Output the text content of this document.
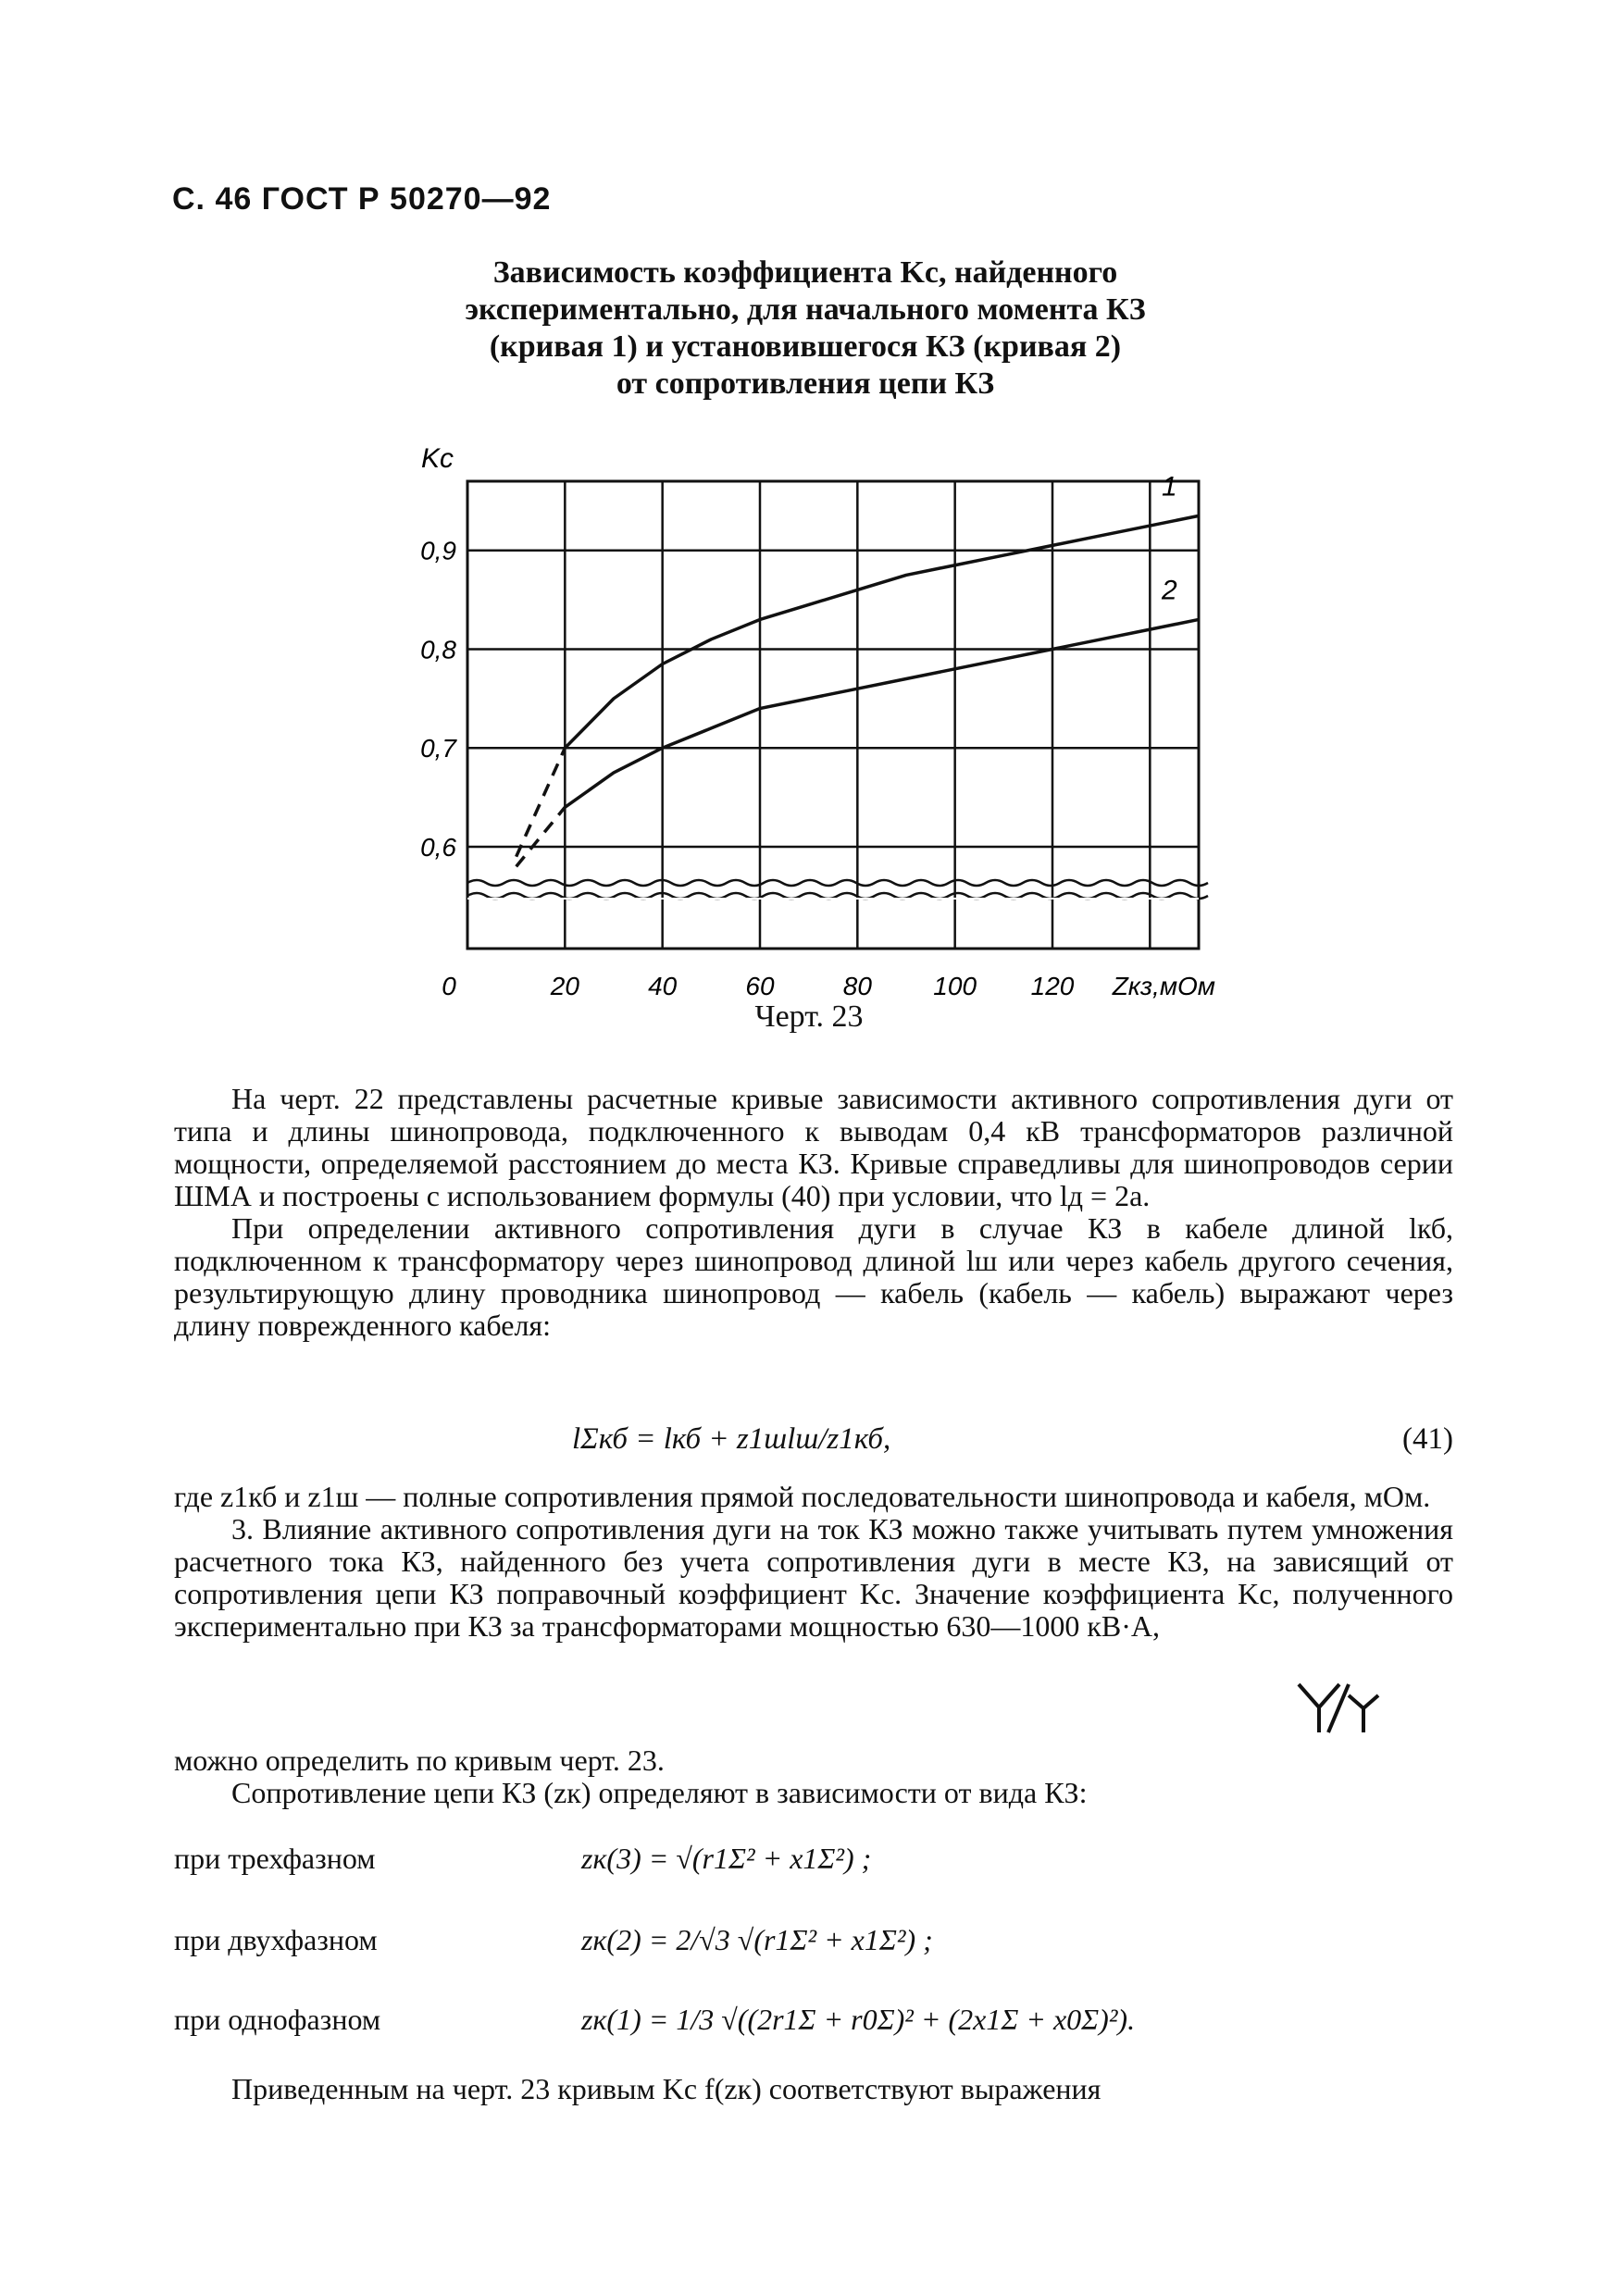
С. 46 ГОСТ Р 50270—92
Зависимость коэффициента Kс, найденного
экспериментально, для начального момента КЗ
(кривая 1) и установившегося КЗ (кривая 2)
от сопротивления цепи КЗ
1
2
0,6
0,7
0,8
0,9
0	20	40	60	80 100 120
Kс
Zкз,мОм
Черт. 23

На черт. 22 представлены расчетные кривые зависимости активного сопротивления дуги от типа и длины шинопровода, подключенного к выводам 0,4 кВ трансформаторов различной мощности, определяемой расстоянием до места КЗ. Кривые справедливы для шинопроводов серии ШМА и построены с использованием формулы (40) при условии, что lд = 2a.

При определении активного сопротивления дуги в случае КЗ в кабеле длиной lкб, подключенном к трансформатору через шинопровод длиной lш или через кабель другого сечения, результирующую длину проводника шинопровод — кабель (кабель — кабель) выражают через длину поврежденного кабеля:

lΣкб = lкб + z1шlш/z1кб,	(41)

где z1кб и z1ш — полные сопротивления прямой последовательности шинопровода и кабеля, мОм.

3. Влияние активного сопротивления дуги на ток КЗ можно также учитывать путем умножения расчетного тока КЗ, найденного без учета сопротивления дуги в месте КЗ, на зависящий от сопротивления цепи КЗ поправочный коэффициент Kс. Значение коэффициента Kс, полученного экспериментально при КЗ за трансформаторами мощностью 630—1000 кВ·А,

можно определить по кривым черт. 23.

Сопротивление цепи КЗ (zк) определяют в зависимости от вида КЗ:

при трехфазном	zк(3) = √(r1Σ² + x1Σ²) ;
при двухфазном	zк(2) = 2/√3 √(r1Σ² + x1Σ²) ;
при однофазном	zк(1) = 1/3 √((2r1Σ + r0Σ)² + (2x1Σ + x0Σ)²).

Приведенным на черт. 23 кривым Kс f(zк) соответствуют выражения
